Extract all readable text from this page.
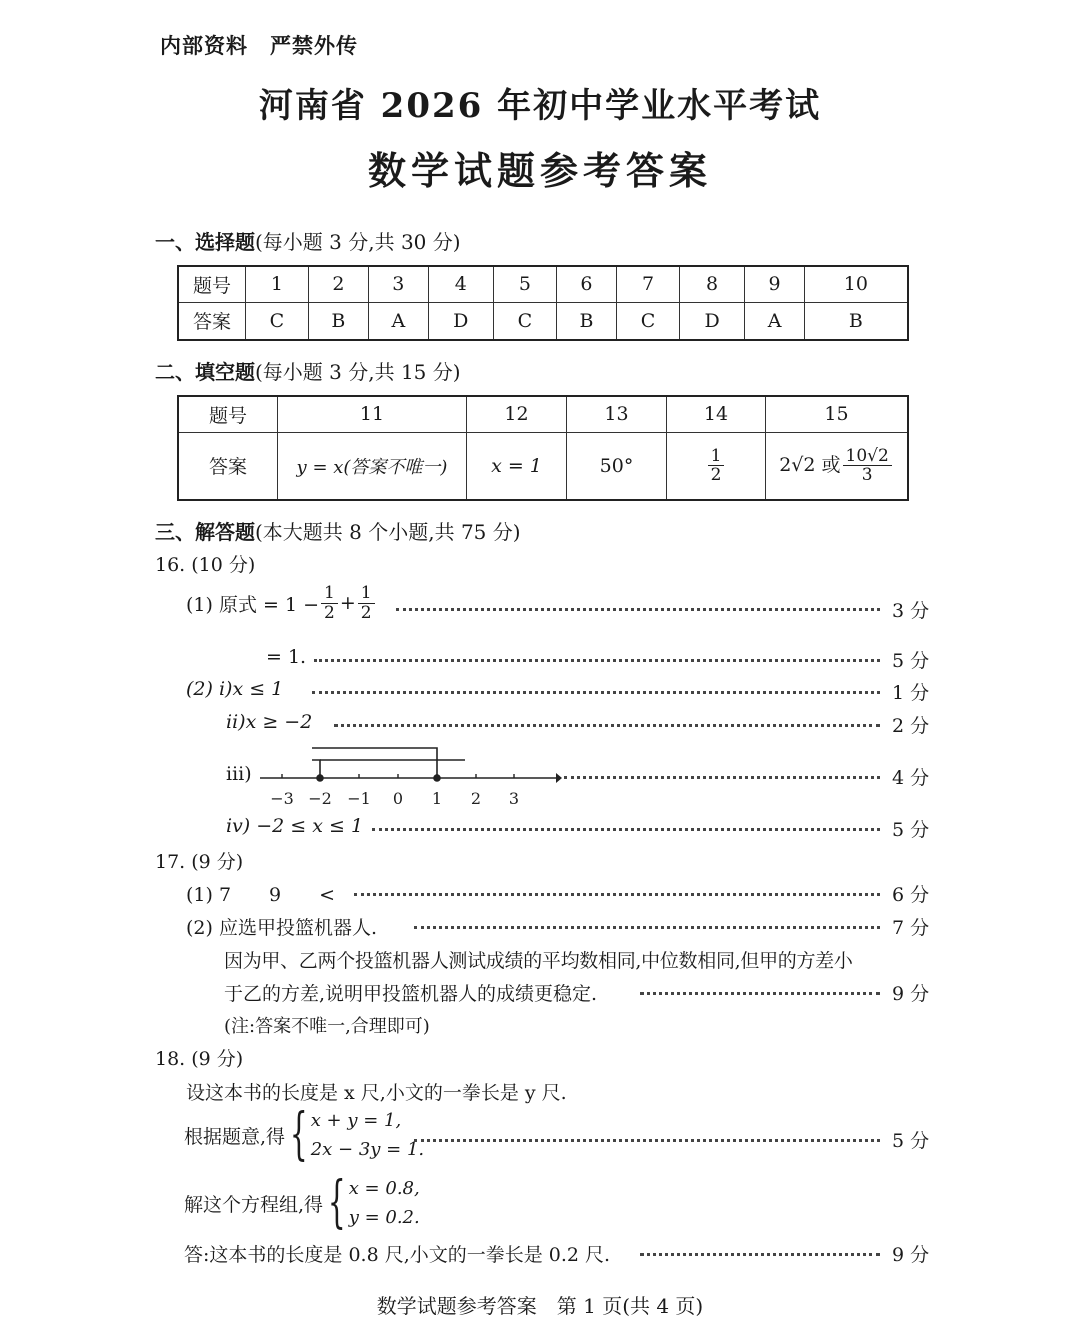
内部资料　严禁外传
河南省 2026 年初中学业水平考试
数学试题参考答案
一、选择题(每小题 3 分,共 30 分)
题号	1	2	3	4	5	6	7	8	9	10
答案	C	B	A	D	C	B	C	D	A	B
二、填空题(每小题 3 分,共 15 分)
题号	11	12	13	14	15
答案	y = x(答案不唯一)	x = 1	50°	$\frac{1}{2}$	2√2 或 $\frac{10√2}{3}$
三、解答题(本大题共 8 个小题,共 75 分)
16. (10 分)
(1) 原式 = $1 - \frac{1}{2} + \frac{1}{2}$	3 分
= 1.	5 分
(2) ⅰ)x ≤ 1	1 分
ⅱ)x ≥ −2	2 分
ⅲ)
−3 −2 −1 0 1 2 3
4 分
ⅳ) −2 ≤ x ≤ 1	5 分
17. (9 分)
(1) 7　　9　　<	6 分
(2) 应选甲投篮机器人.	7 分
因为甲、乙两个投篮机器人测试成绩的平均数相同,中位数相同,但甲的方差小
于乙的方差,说明甲投篮机器人的成绩更稳定.	9 分
(注:答案不唯一,合理即可)
18. (9 分)
设这本书的长度是 x 尺,小文的一拳长是 y 尺.
根据题意,得 { x + y = 1,
2x − 3y = 1.	5 分
解这个方程组,得 { x = 0.8,
y = 0.2.
答:这本书的长度是 0.8 尺,小文的一拳长是 0.2 尺.	9 分
数学试题参考答案　第 1 页(共 4 页)
